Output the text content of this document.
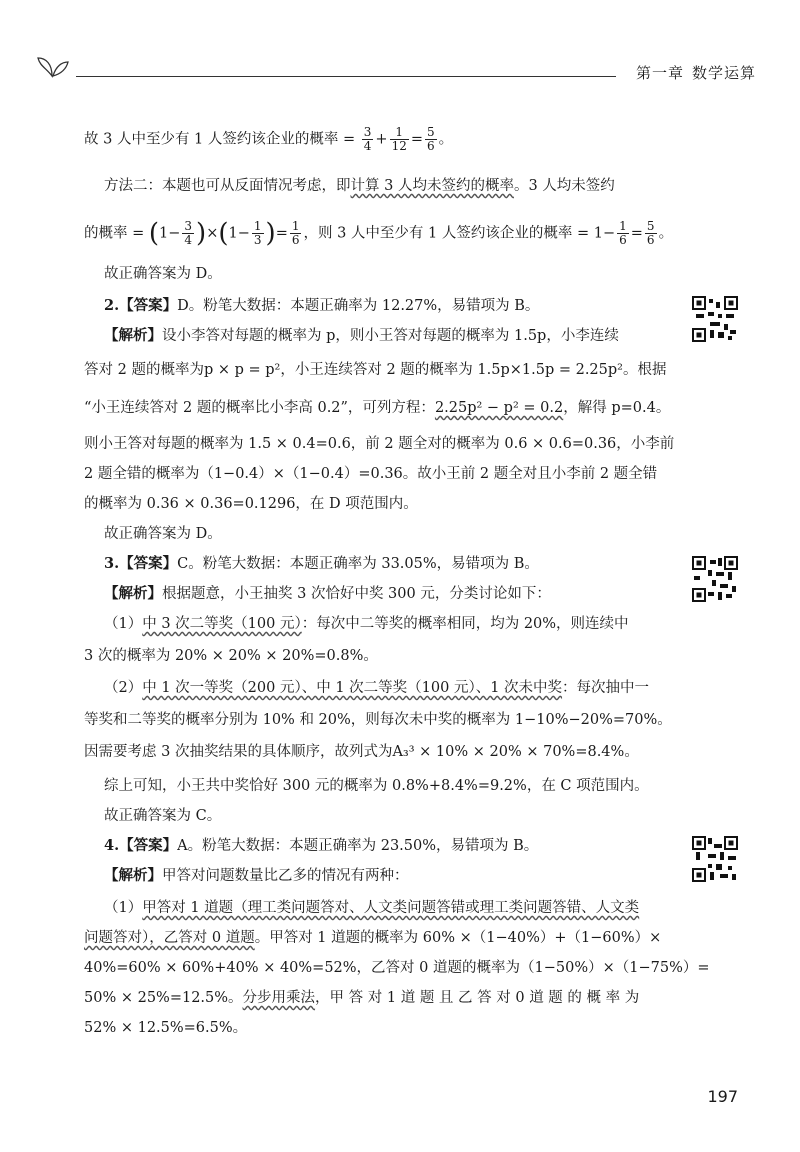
第一章 数学运算
故 3 人中至少有 1 人签约该企业的概率 = $\frac{3}{4} + \frac{1}{12} = \frac{5}{6}$ 。
方法二：本题也可从反面情况考虑，即计算 3 人均未签约的概率。3 人均未签约
的概率 = $(1- \frac{3}{4} )\times(1- \frac{1}{3}$ )= $\frac{1}{6}$ ，则 3 人中至少有 1 人签约该企业的概率 = $1- \frac{1}{6} = \frac{5}{6}$ 。
故正确答案为 D。
2.【答案】D。粉笔大数据：本题正确率为 12.27%，易错项为 B。
【解析】设小李答对每题的概率为 p，则小王答对每题的概率为 1.5p，小李连续
答对 2 题的概率为p × p = p²，小王连续答对 2 题的概率为 1.5p×1.5p = 2.25p²。根据
“小王连续答对 2 题的概率比小李高 0.2”，可列方程：2.25p² − p² = 0.2，解得 p=0.4。
则小王答对每题的概率为 1.5 × 0.4=0.6，前 2 题全对的概率为 0.6 × 0.6=0.36，小李前
2 题全错的概率为（1−0.4）×（1−0.4）=0.36。故小王前 2 题全对且小李前 2 题全错
的概率为 0.36 × 0.36=0.1296，在 D 项范围内。
故正确答案为 D。
3.【答案】C。粉笔大数据：本题正确率为 33.05%，易错项为 B。
【解析】根据题意，小王抽奖 3 次恰好中奖 300 元，分类讨论如下：
（1）中 3 次二等奖（100 元）：每次中二等奖的概率相同，均为 20%，则连续中
3 次的概率为 20% × 20% × 20%=0.8%。
（2）中 1 次一等奖（200 元）、中 1 次二等奖（100 元）、1 次未中奖：每次抽中一
等奖和二等奖的概率分别为 10% 和 20%，则每次未中奖的概率为 1−10%−20%=70%。
因需要考虑 3 次抽奖结果的具体顺序，故列式为A₃³ × 10% × 20% × 70%=8.4%。
综上可知，小王共中奖恰好 300 元的概率为 0.8%+8.4%=9.2%，在 C 项范围内。
故正确答案为 C。
4.【答案】A。粉笔大数据：本题正确率为 23.50%，易错项为 B。
【解析】甲答对问题数量比乙多的情况有两种：
（1）甲答对 1 道题（理工类问题答对、人文类问题答错或理工类问题答错、人文类
问题答对），乙答对 0 道题。甲答对 1 道题的概率为 60% ×（1−40%）+（1−60%）×
40%=60% × 60%+40% × 40%=52%，乙答对 0 道题的概率为（1−50%）×（1−75%）=
50% × 25%=12.5%。分步用乘法，甲 答 对 1 道 题 且 乙 答 对 0 道 题 的 概 率 为
52% × 12.5%=6.5%。
197
